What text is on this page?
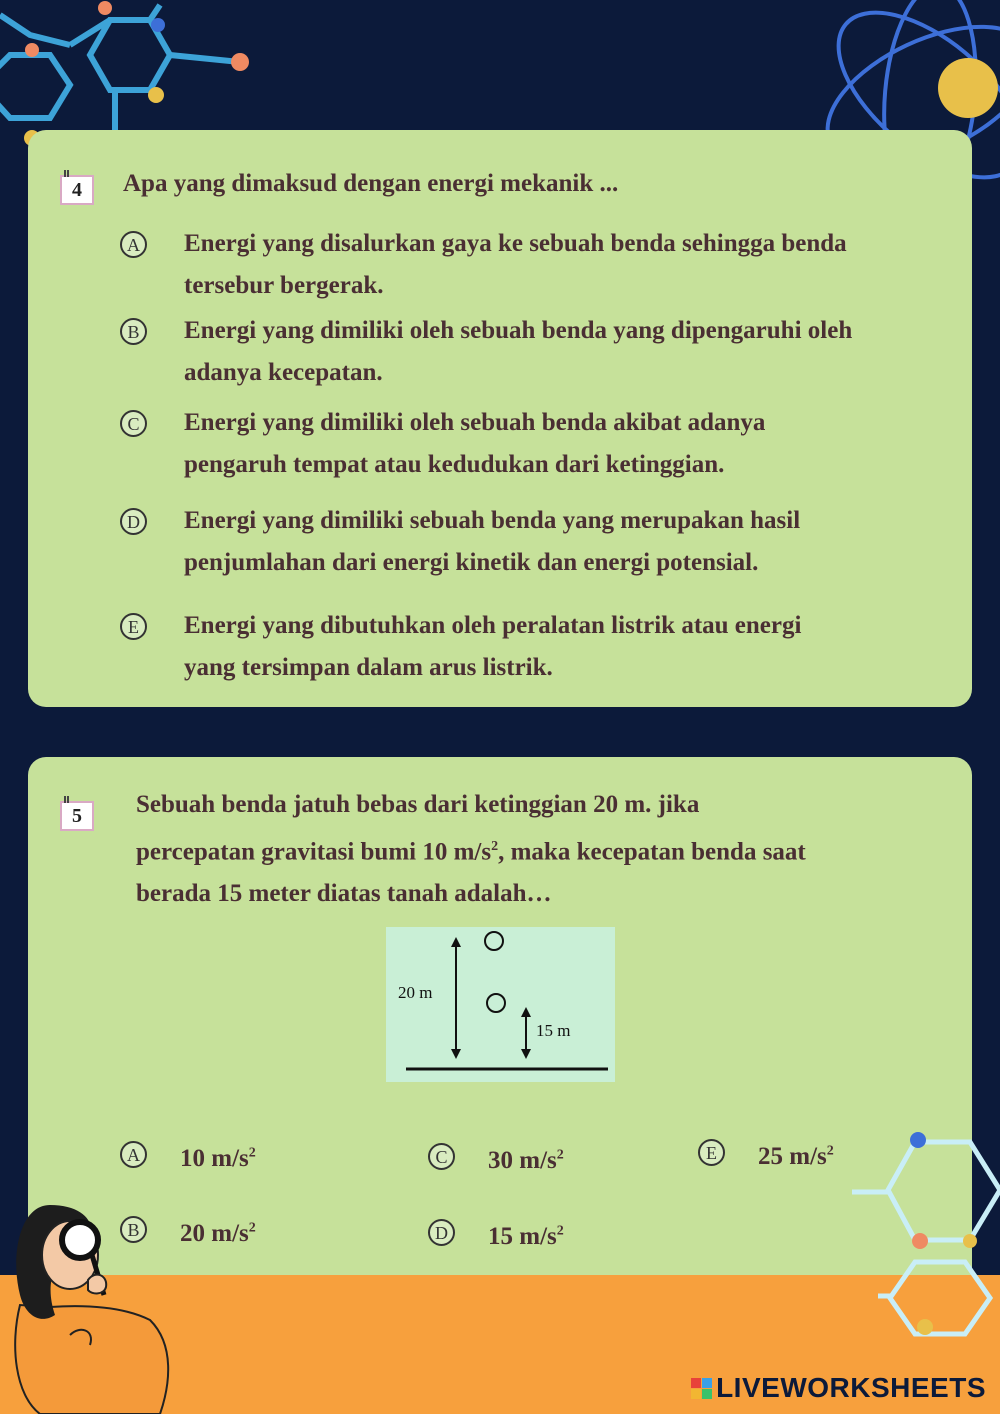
4	Apa yang dimaksud dengan energi mekanik ...
A Energi yang disalurkan gaya ke sebuah benda sehingga benda
tersebur bergerak.
B	Energi yang dimiliki oleh sebuah benda yang dipengaruhi oleh
adanya kecepatan.
C	Energi yang dimiliki oleh sebuah benda akibat adanya
pengaruh tempat atau kedudukan dari ketinggian.
D Energi yang dimiliki sebuah benda yang merupakan hasil
penjumlahan dari energi kinetik dan energi potensial.
E	Energi yang dibutuhkan oleh peralatan listrik atau energi
yang tersimpan dalam arus listrik.
5	Sebuah benda jatuh bebas dari ketinggian 20 m. jika
percepatan gravitasi bumi 10 $m/s^2$, maka kecepatan benda saat
berada 15 meter diatas tanah adalah…
20 m
15 m
A 10 $m/s^2$
B	20 $m/s^2$
C	30 $m/s^2$
D 15 $m/s^2$
E	25 $m/s^2$
LIVEWORKSHEETS
